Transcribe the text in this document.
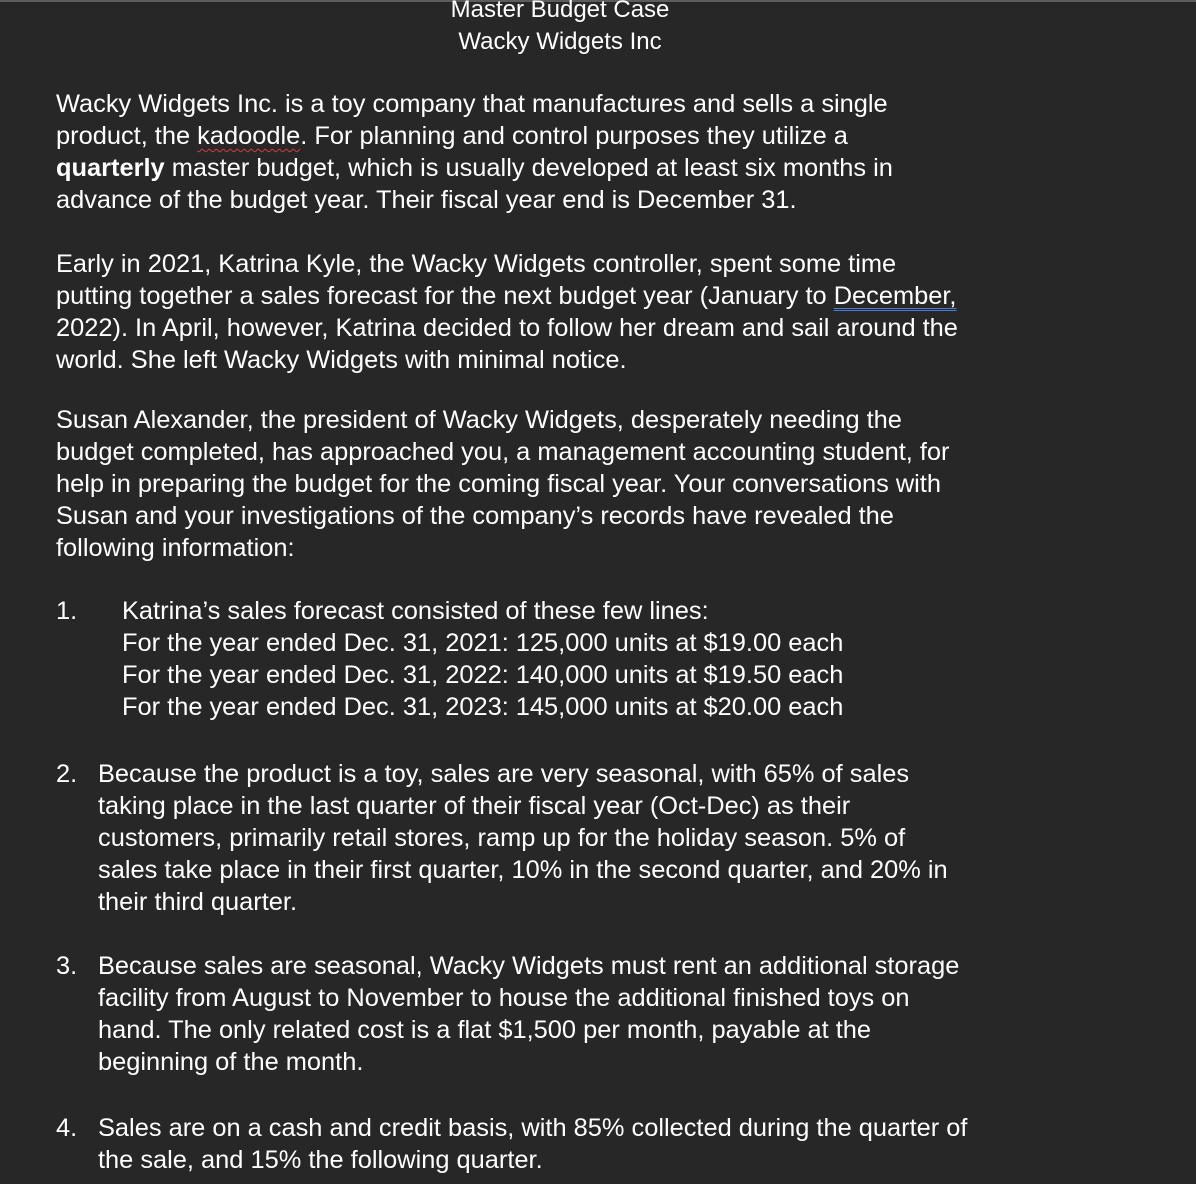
Master Budget Case
Wacky Widgets Inc
Wacky Widgets Inc. is a toy company that manufactures and sells a single
product, the kadoodle. For planning and control purposes they utilize a
quarterly master budget, which is usually developed at least six months in
advance of the budget year. Their fiscal year end is December 31.
Early in 2021, Katrina Kyle, the Wacky Widgets controller, spent some time
putting together a sales forecast for the next budget year (January to December,
2022). In April, however, Katrina decided to follow her dream and sail around the
world. She left Wacky Widgets with minimal notice.
Susan Alexander, the president of Wacky Widgets, desperately needing the
budget completed, has approached you, a management accounting student, for
help in preparing the budget for the coming fiscal year. Your conversations with
Susan and your investigations of the company’s records have revealed the
following information:
1. Katrina’s sales forecast consisted of these few lines:
For the year ended Dec. 31, 2021: 125,000 units at $19.00 each
For the year ended Dec. 31, 2022: 140,000 units at $19.50 each
For the year ended Dec. 31, 2023: 145,000 units at $20.00 each
2. Because the product is a toy, sales are very seasonal, with 65% of sales
taking place in the last quarter of their fiscal year (Oct-Dec) as their
customers, primarily retail stores, ramp up for the holiday season. 5% of
sales take place in their first quarter, 10% in the second quarter, and 20% in
their third quarter.
3. Because sales are seasonal, Wacky Widgets must rent an additional storage
facility from August to November to house the additional finished toys on
hand. The only related cost is a flat $1,500 per month, payable at the
beginning of the month.
4. Sales are on a cash and credit basis, with 85% collected during the quarter of
the sale, and 15% the following quarter.
